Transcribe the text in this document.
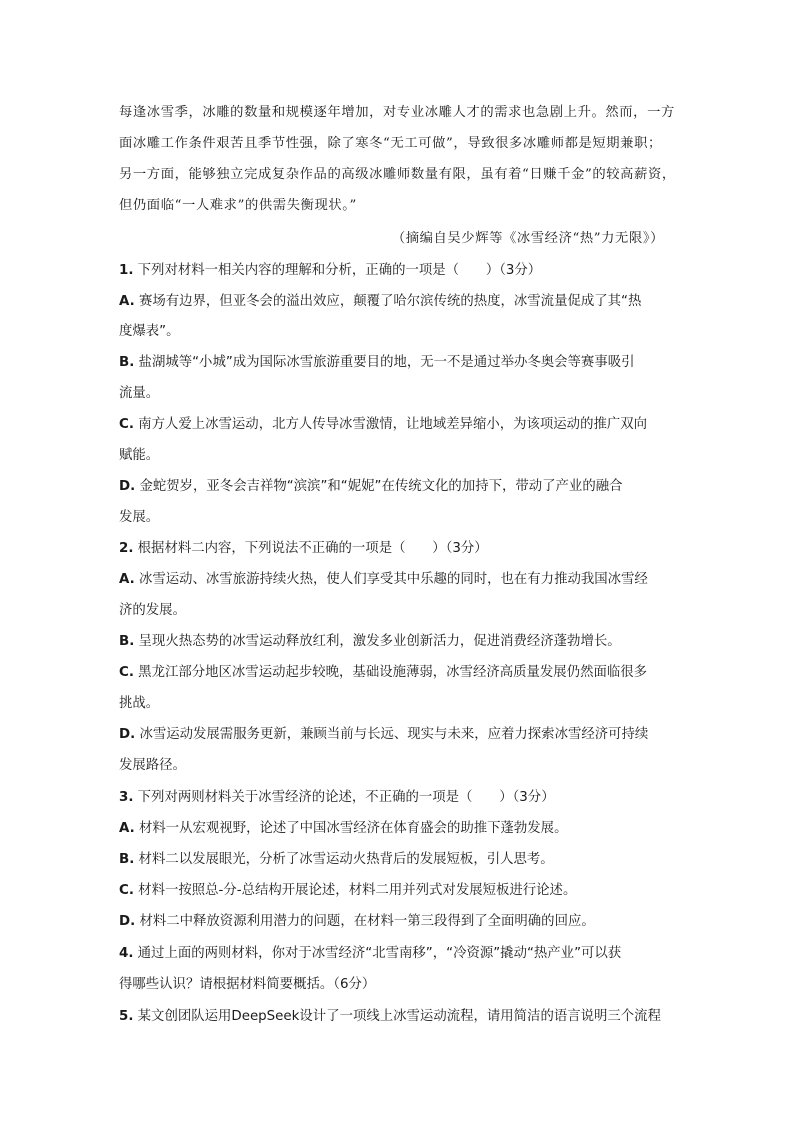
每逢冰雪季，冰雕的数量和规模逐年增加，对专业冰雕人才的需求也急剧上升。然而，一方
面冰雕工作条件艰苦且季节性强，除了寒冬“无工可做”，导致很多冰雕师都是短期兼职；
另一方面，能够独立完成复杂作品的高级冰雕师数量有限，虽有着“日赚千金”的较高薪资，
但仍面临“一人难求”的供需失衡现状。”
（摘编自吴少辉等《冰雪经济“热”力无限》）
1. 下列对材料一相关内容的理解和分析，正确的一项是（　　）（3分）
A. 赛场有边界，但亚冬会的溢出效应，颠覆了哈尔滨传统的热度，冰雪流量促成了其“热
度爆表”。
B. 盐湖城等“小城”成为国际冰雪旅游重要目的地，无一不是通过举办冬奥会等赛事吸引
流量。
C. 南方人爱上冰雪运动，北方人传导冰雪激情，让地域差异缩小，为该项运动的推广双向
赋能。
D. 金蛇贺岁，亚冬会吉祥物“滨滨”和“妮妮”在传统文化的加持下，带动了产业的融合
发展。
2. 根据材料二内容，下列说法不正确的一项是（　　）（3分）
A. 冰雪运动、冰雪旅游持续火热，使人们享受其中乐趣的同时，也在有力推动我国冰雪经
济的发展。
B. 呈现火热态势的冰雪运动释放红利，激发多业创新活力，促进消费经济蓬勃增长。
C. 黑龙江部分地区冰雪运动起步较晚，基础设施薄弱，冰雪经济高质量发展仍然面临很多
挑战。
D. 冰雪运动发展需服务更新，兼顾当前与长远、现实与未来，应着力探索冰雪经济可持续
发展路径。
3. 下列对两则材料关于冰雪经济的论述，不正确的一项是（　　）（3分）
A. 材料一从宏观视野，论述了中国冰雪经济在体育盛会的助推下蓬勃发展。
B. 材料二以发展眼光，分析了冰雪运动火热背后的发展短板，引人思考。
C. 材料一按照总-分-总结构开展论述，材料二用并列式对发展短板进行论述。
D. 材料二中释放资源利用潜力的问题，在材料一第三段得到了全面明确的回应。
4. 通过上面的两则材料，你对于冰雪经济“北雪南移”，“冷资源”撬动“热产业”可以获
得哪些认识？请根据材料简要概括。（6分）
5. 某文创团队运用DeepSeek设计了一项线上冰雪运动流程，请用简洁的语言说明三个流程
